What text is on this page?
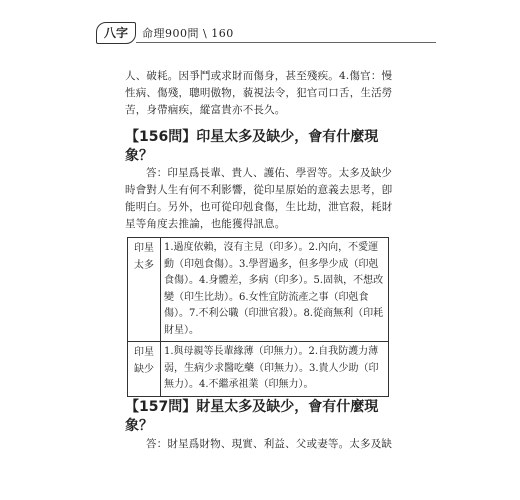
八字	命理900問 \ 160
人、破耗。因爭鬥或求財而傷身，甚至殘疾。4.傷官：慢性病、傷殘，聰明傲物，藐視法令，犯官司口舌，生活勞苦，身帶痼疾，縱富貴亦不長久。
【156問】印星太多及缺少，會有什麼現象？
答：印星爲長輩、貴人、護佑、學習等。太多及缺少時會對人生有何不利影響，從印星原始的意義去思考，卽能明白。另外，也可從印剋食傷，生比劫，泄官殺，耗財星等角度去推論，也能獲得訊息。
印星太多	1.過度依賴，沒有主見（印多）。2.內向，不愛運動（印剋食傷）。3.學習過多，但多學少成（印剋食傷）。4.身體差，多病（印多）。5.固執，不想改變（印生比劫）。6.女性宜防流產之事（印剋食傷）。7.不利公職（印泄官殺）。8.從商無利（印耗財星）。

印星缺少	1.與母親等長輩緣薄（印無力）。2.自我防護力薄弱，生病少求醫吃藥（印無力）。3.貴人少助（印無力）。4.不繼承祖業（印無力）。
【157問】財星太多及缺少，會有什麼現象？
答：財星爲財物、現實、利益、父或妻等。太多及缺
